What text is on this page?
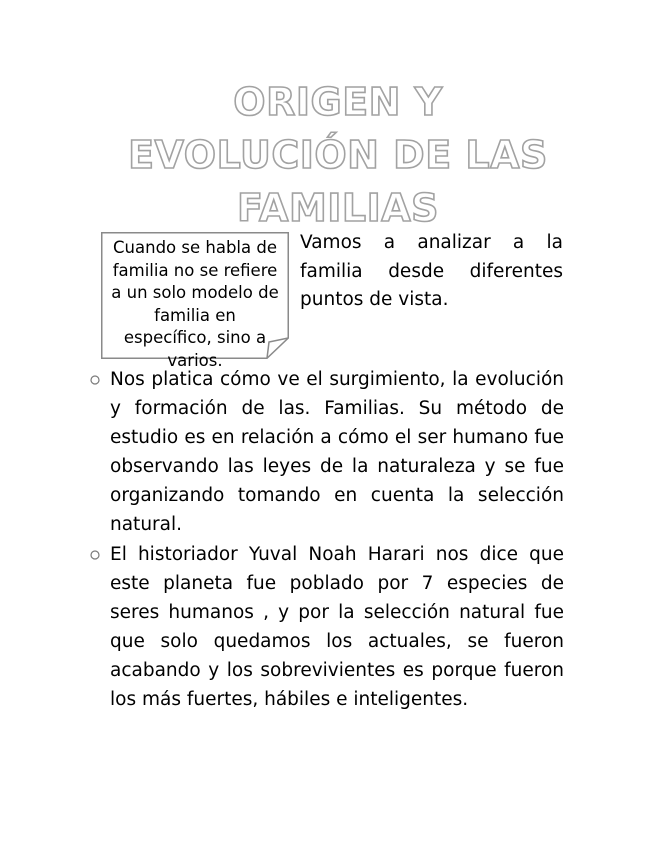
ORIGEN Y
EVOLUCIÓN DE LAS
FAMILIAS
Cuando se habla de familia no se refiere a un solo modelo de familia en específico, sino a varios.

Vamos a analizar a la familia desde diferentes puntos de vista.

Nos platica cómo ve el surgimiento, la evolución y formación de las. Familias. Su método de estudio es en relación a cómo el ser humano fue observando las leyes de la naturaleza y se fue organizando tomando en cuenta la selección natural.
El historiador Yuval Noah Harari nos dice que este planeta fue poblado por 7 especies de seres humanos , y por la selección natural fue que solo quedamos los actuales, se fueron acabando y los sobrevivientes es porque fueron los más fuertes, hábiles e inteligentes.
